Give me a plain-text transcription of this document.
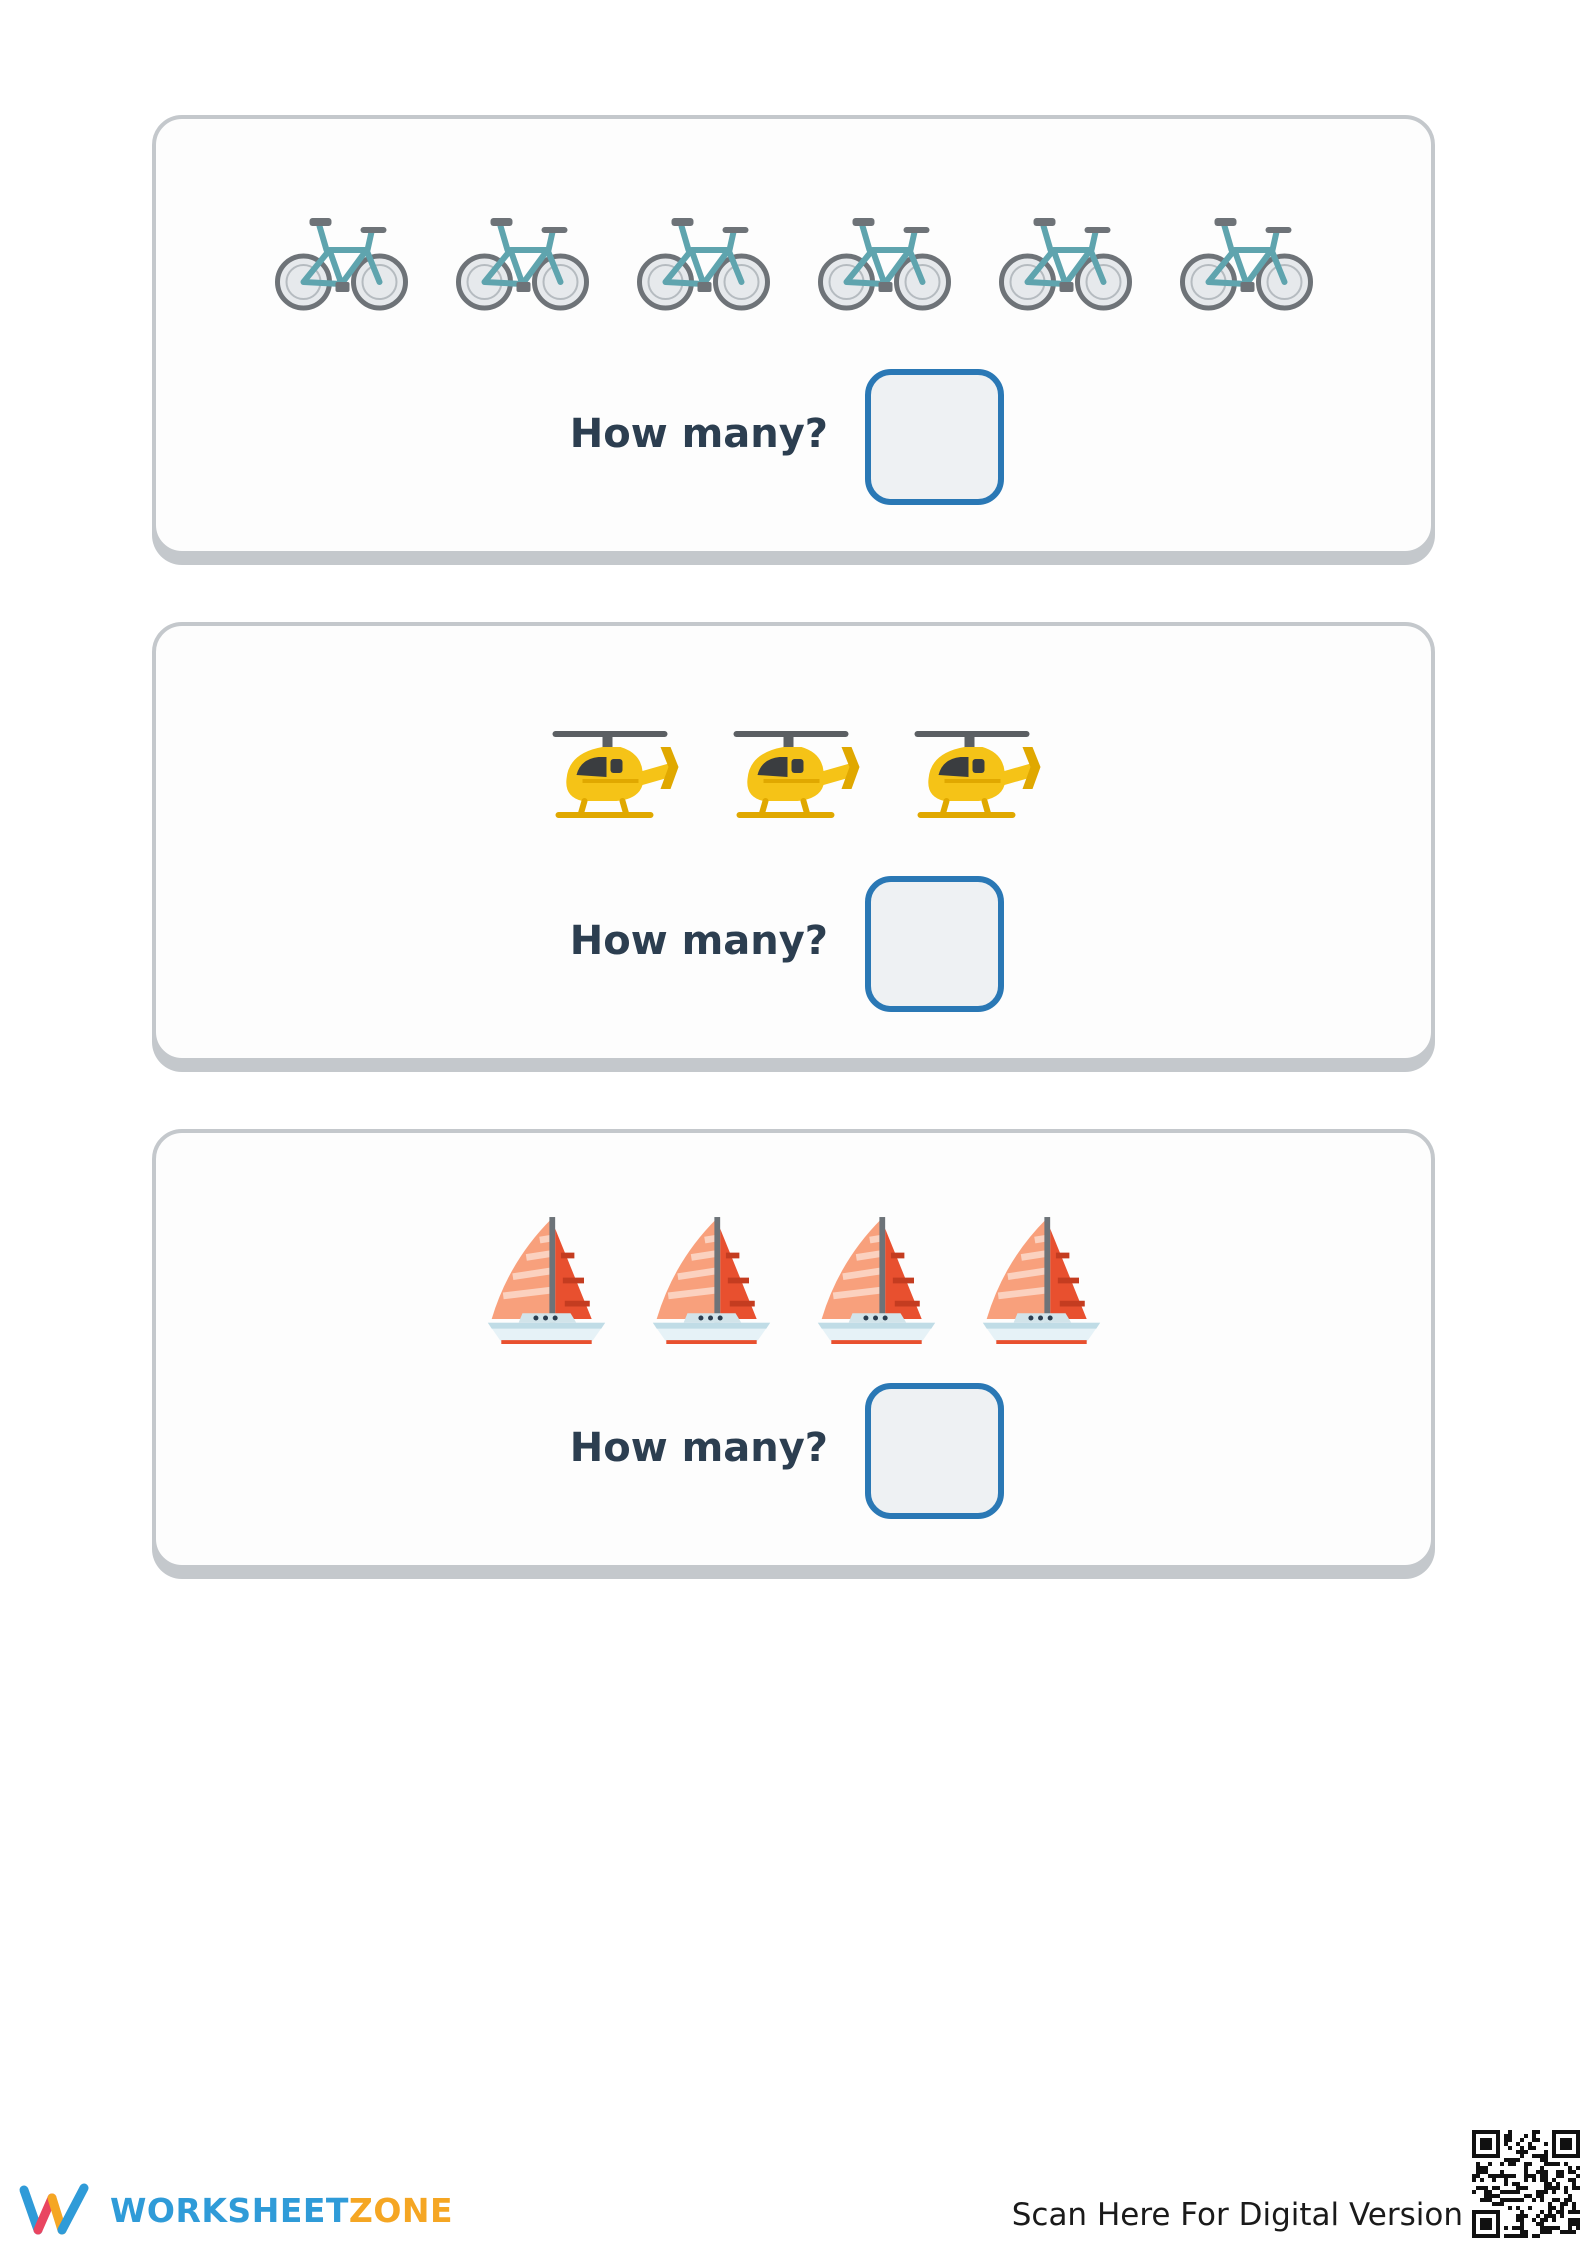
How many?
How many?
How many?
WORKSHEETZONE	Scan Here For Digital Version
